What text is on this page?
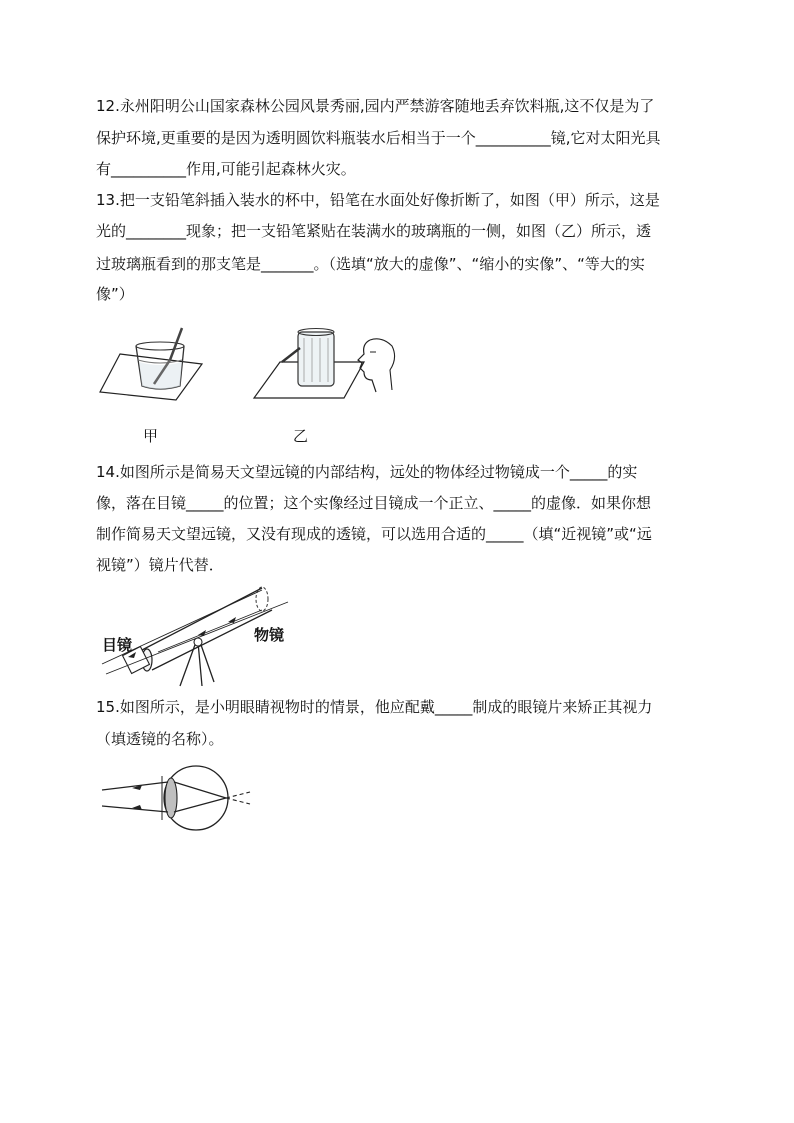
12.永州阳明公山国家森林公园风景秀丽,园内严禁游客随地丢弃饮料瓶,这不仅是为了
保护环境,更重要的是因为透明圆饮料瓶装水后相当于一个__________镜,它对太阳光具
有__________作用,可能引起森林火灾。
13.把一支铅笔斜插入装水的杯中，铅笔在水面处好像折断了，如图（甲）所示，这是
光的________现象；把一支铅笔紧贴在装满水的玻璃瓶的一侧，如图（乙）所示，透
过玻璃瓶看到的那支笔是_______。（选填“放大的虚像”、“缩小的实像”、“等大的实
像”）
甲	乙
14.如图所示是简易天文望远镜的内部结构，远处的物体经过物镜成一个_____的实
像，落在目镜_____的位置；这个实像经过目镜成一个正立、_____的虚像．如果你想
制作简易天文望远镜，又没有现成的透镜，可以选用合适的_____（填“近视镜”或“远
视镜”）镜片代替．
目镜
物镜
15.如图所示，是小明眼睛视物时的情景，他应配戴_____制成的眼镜片来矫正其视力
（填透镜的名称）。
